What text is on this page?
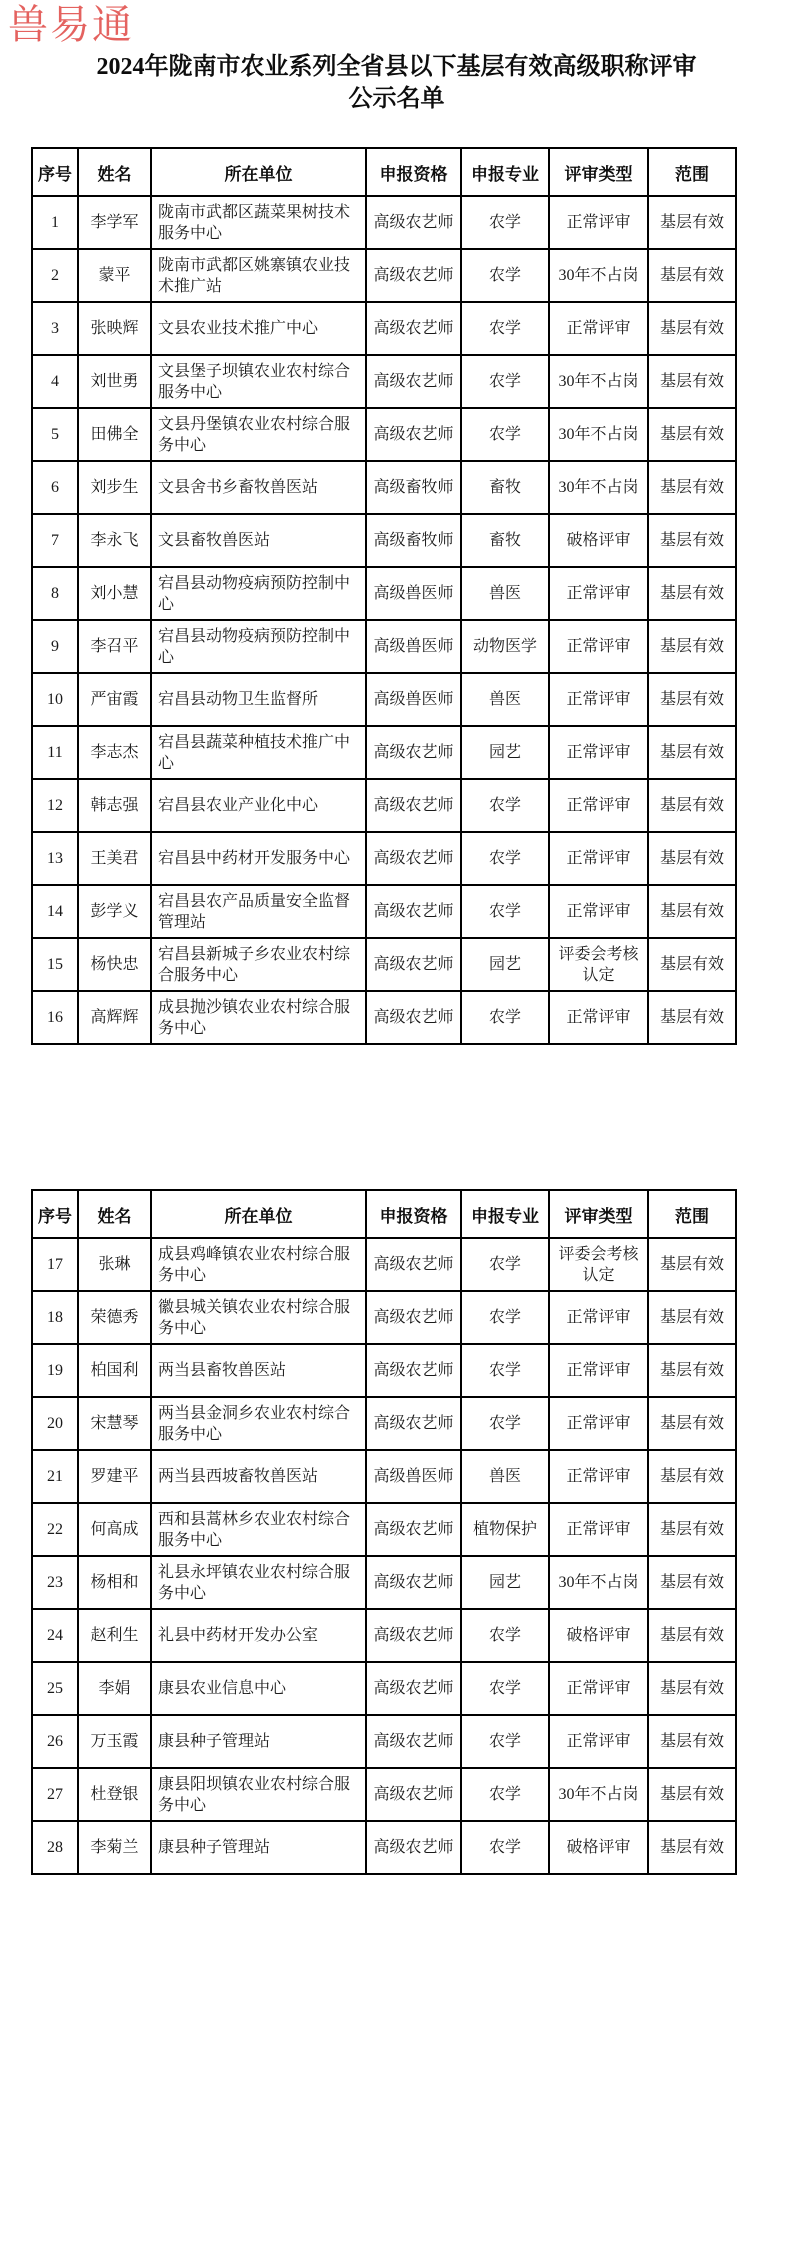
兽易通
2024年陇南市农业系列全省县以下基层有效高级职称评审
公示名单
序号	姓名	所在单位	申报资格	申报专业	评审类型	范围
1	李学军	陇南市武都区蔬菜果树技术服务中心	高级农艺师	农学	正常评审	基层有效
2	蒙平	陇南市武都区姚寨镇农业技术推广站	高级农艺师	农学	30年不占岗	基层有效
3	张映辉	文县农业技术推广中心	高级农艺师	农学	正常评审	基层有效
4	刘世勇	文县堡子坝镇农业农村综合服务中心	高级农艺师	农学	30年不占岗	基层有效
5	田佛全	文县丹堡镇农业农村综合服务中心	高级农艺师	农学	30年不占岗	基层有效
6	刘步生	文县舍书乡畜牧兽医站	高级畜牧师	畜牧	30年不占岗	基层有效
7	李永飞	文县畜牧兽医站	高级畜牧师	畜牧	破格评审	基层有效
8	刘小慧	宕昌县动物疫病预防控制中心	高级兽医师	兽医	正常评审	基层有效
9	李召平	宕昌县动物疫病预防控制中心	高级兽医师	动物医学	正常评审	基层有效
10	严宙霞	宕昌县动物卫生监督所	高级兽医师	兽医	正常评审	基层有效
11	李志杰	宕昌县蔬菜种植技术推广中心	高级农艺师	园艺	正常评审	基层有效
12	韩志强	宕昌县农业产业化中心	高级农艺师	农学	正常评审	基层有效
13	王美君	宕昌县中药材开发服务中心	高级农艺师	农学	正常评审	基层有效
14	彭学义	宕昌县农产品质量安全监督管理站	高级农艺师	农学	正常评审	基层有效
15	杨快忠	宕昌县新城子乡农业农村综合服务中心	高级农艺师	园艺	评委会考核认定	基层有效
16	高辉辉	成县抛沙镇农业农村综合服务中心	高级农艺师	农学	正常评审	基层有效
序号	姓名	所在单位	申报资格	申报专业	评审类型	范围
17	张琳	成县鸡峰镇农业农村综合服务中心	高级农艺师	农学	评委会考核认定	基层有效
18	荣德秀	徽县城关镇农业农村综合服务中心	高级农艺师	农学	正常评审	基层有效
19	柏国利	两当县畜牧兽医站	高级农艺师	农学	正常评审	基层有效
20	宋慧琴	两当县金洞乡农业农村综合服务中心	高级农艺师	农学	正常评审	基层有效
21	罗建平	两当县西坡畜牧兽医站	高级兽医师	兽医	正常评审	基层有效
22	何高成	西和县蒿林乡农业农村综合服务中心	高级农艺师	植物保护	正常评审	基层有效
23	杨相和	礼县永坪镇农业农村综合服务中心	高级农艺师	园艺	30年不占岗	基层有效
24	赵利生	礼县中药材开发办公室	高级农艺师	农学	破格评审	基层有效
25	李娟	康县农业信息中心	高级农艺师	农学	正常评审	基层有效
26	万玉霞	康县种子管理站	高级农艺师	农学	正常评审	基层有效
27	杜登银	康县阳坝镇农业农村综合服务中心	高级农艺师	农学	30年不占岗	基层有效
28	李菊兰	康县种子管理站	高级农艺师	农学	破格评审	基层有效
